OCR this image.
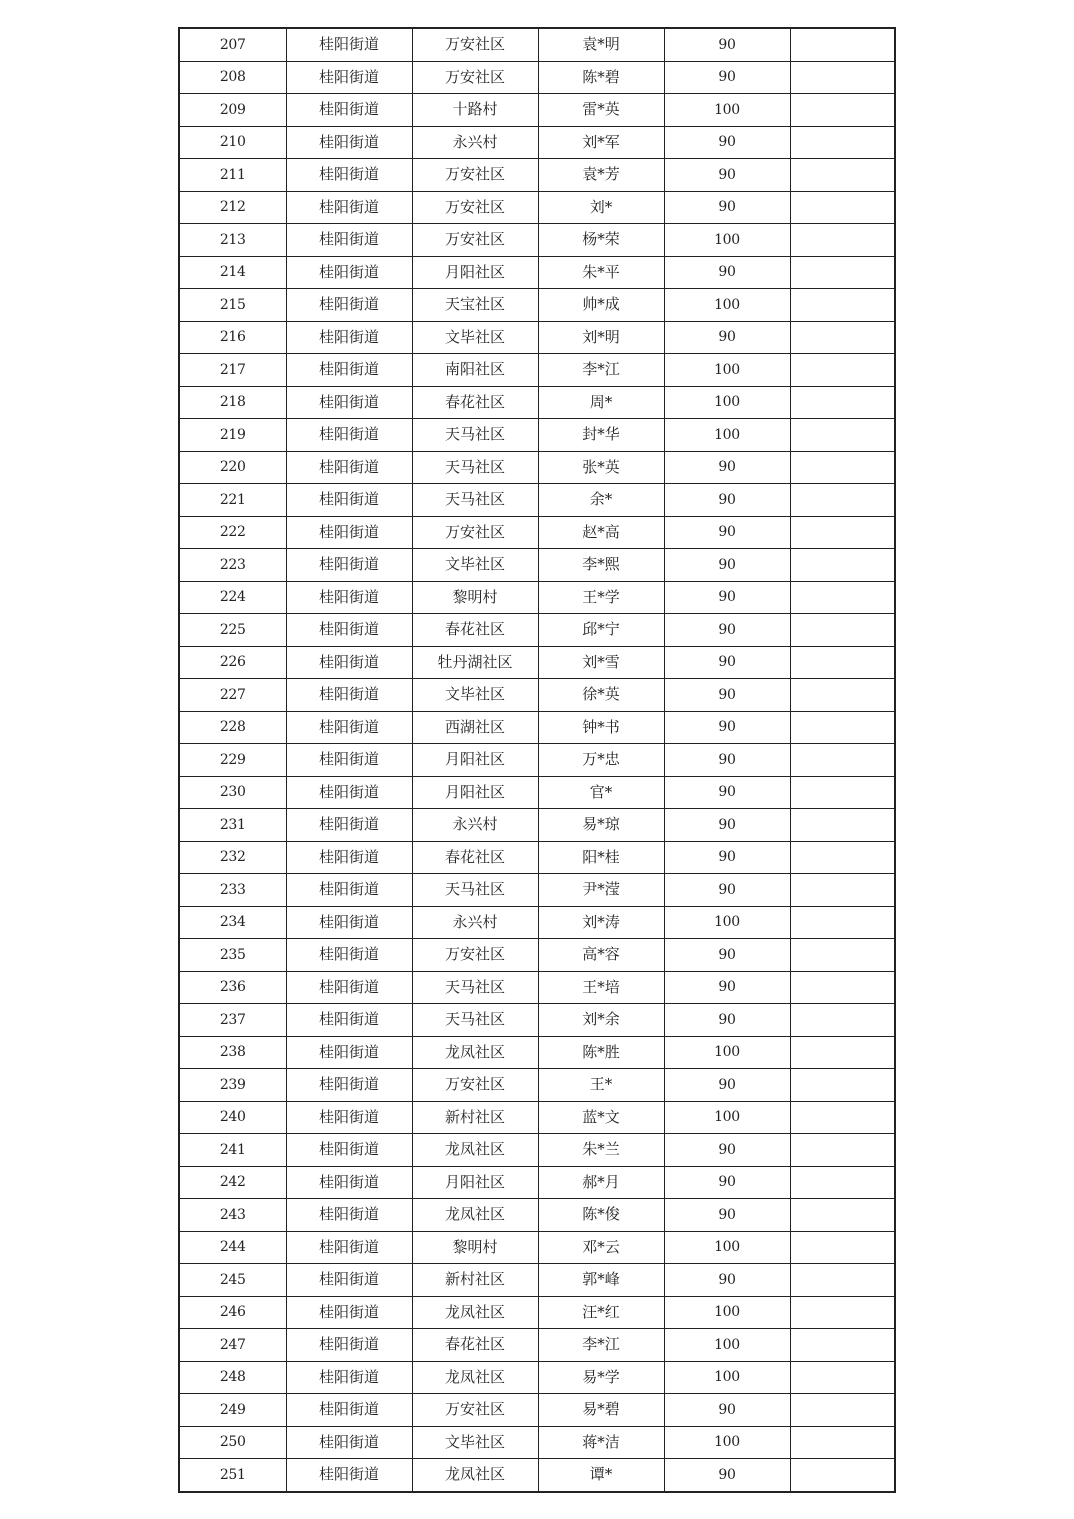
207	桂阳街道	万安社区	袁*明	90	
208	桂阳街道	万安社区	陈*碧	90	
209	桂阳街道	十路村	雷*英	100	
210	桂阳街道	永兴村	刘*军	90	
211	桂阳街道	万安社区	袁*芳	90	
212	桂阳街道	万安社区	刘*	90	
213	桂阳街道	万安社区	杨*荣	100	
214	桂阳街道	月阳社区	朱*平	90	
215	桂阳街道	天宝社区	帅*成	100	
216	桂阳街道	文毕社区	刘*明	90	
217	桂阳街道	南阳社区	李*江	100	
218	桂阳街道	春花社区	周*	100	
219	桂阳街道	天马社区	封*华	100	
220	桂阳街道	天马社区	张*英	90	
221	桂阳街道	天马社区	余*	90	
222	桂阳街道	万安社区	赵*高	90	
223	桂阳街道	文毕社区	李*熙	90	
224	桂阳街道	黎明村	王*学	90	
225	桂阳街道	春花社区	邱*宁	90	
226	桂阳街道	牡丹湖社区	刘*雪	90	
227	桂阳街道	文毕社区	徐*英	90	
228	桂阳街道	西湖社区	钟*书	90	
229	桂阳街道	月阳社区	万*忠	90	
230	桂阳街道	月阳社区	官*	90	
231	桂阳街道	永兴村	易*琼	90	
232	桂阳街道	春花社区	阳*桂	90	
233	桂阳街道	天马社区	尹*滢	90	
234	桂阳街道	永兴村	刘*涛	100	
235	桂阳街道	万安社区	高*容	90	
236	桂阳街道	天马社区	王*培	90	
237	桂阳街道	天马社区	刘*余	90	
238	桂阳街道	龙凤社区	陈*胜	100	
239	桂阳街道	万安社区	王*	90	
240	桂阳街道	新村社区	蓝*文	100	
241	桂阳街道	龙凤社区	朱*兰	90	
242	桂阳街道	月阳社区	郝*月	90	
243	桂阳街道	龙凤社区	陈*俊	90	
244	桂阳街道	黎明村	邓*云	100	
245	桂阳街道	新村社区	郭*峰	90	
246	桂阳街道	龙凤社区	汪*红	100	
247	桂阳街道	春花社区	李*江	100	
248	桂阳街道	龙凤社区	易*学	100	
249	桂阳街道	万安社区	易*碧	90	
250	桂阳街道	文毕社区	蒋*洁	100	
251	桂阳街道	龙凤社区	谭*	90	
